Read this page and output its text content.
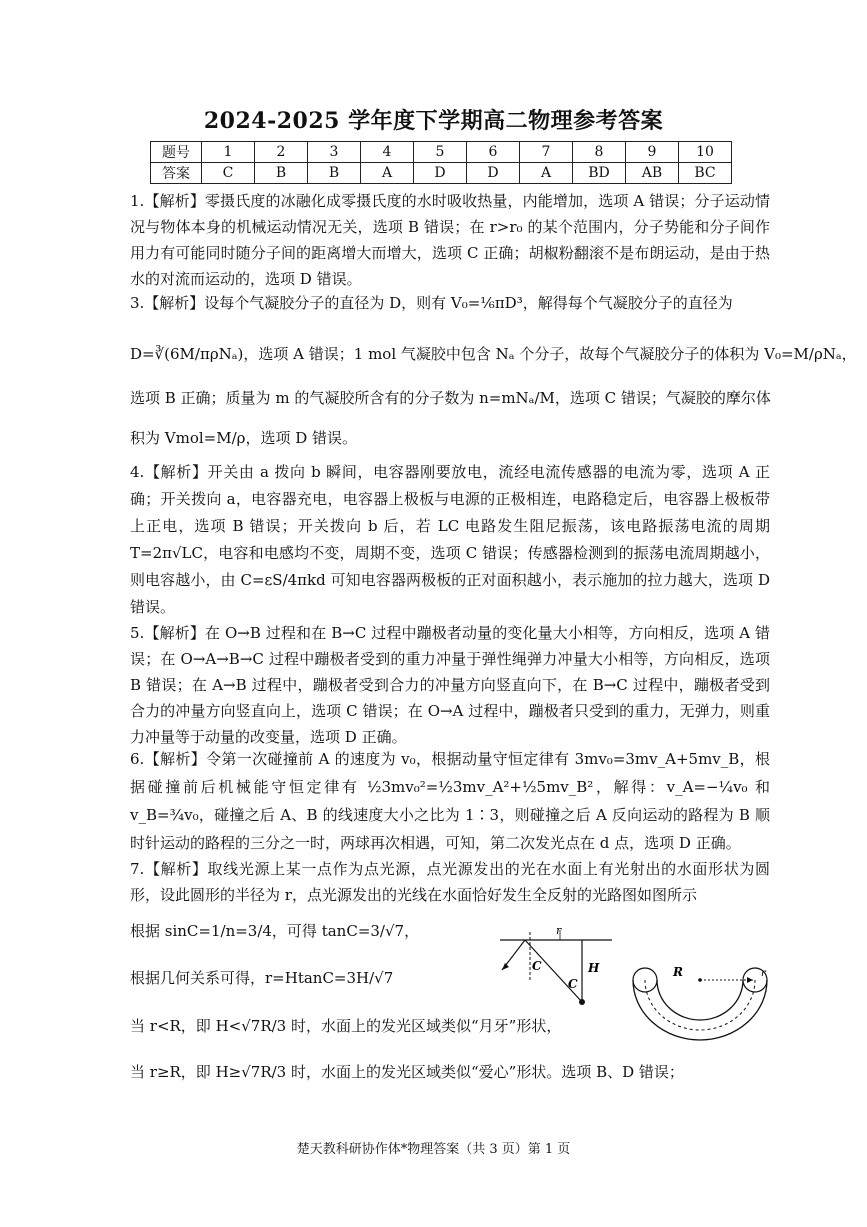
2024-2025 学年度下学期高二物理参考答案
题号	1	2	3	4	5	6	7	8	9	10
答案	C	B	B	A	D	D	A	BD	AB	BC
1.【解析】零摄氏度的冰融化成零摄氏度的水时吸收热量，内能增加，选项 A 错误；分子运动情况与物体本身的机械运动情况无关，选项 B 错误；在 r>r₀ 的某个范围内，分子势能和分子间作用力有可能同时随分子间的距离增大而增大，选项 C 正确；胡椒粉翻滚不是布朗运动，是由于热水的对流而运动的，选项 D 错误。
3.【解析】设每个气凝胶分子的直径为 D，则有 V₀=⅙πD³，解得每个气凝胶分子的直径为
D=∛(6M/πρNₐ)，选项 A 错误；1 mol 气凝胶中包含 Nₐ 个分子，故每个气凝胶分子的体积为 V₀=M/ρNₐ，
选项 B 正确；质量为 m 的气凝胶所含有的分子数为 n=mNₐ/M，选项 C 错误；气凝胶的摩尔体
积为 Vmol=M/ρ，选项 D 错误。
4.【解析】开关由 a 拨向 b 瞬间，电容器刚要放电，流经电流传感器的电流为零，选项 A 正确；开关拨向 a，电容器充电，电容器上极板与电源的正极相连，电路稳定后，电容器上极板带上正电，选项 B 错误；开关拨向 b 后，若 LC 电路发生阻尼振荡，该电路振荡电流的周期 T=2π√LC，电容和电感均不变，周期不变，选项 C 错误；传感器检测到的振荡电流周期越小，则电容越小，由 C=εS/4πkd 可知电容器两极板的正对面积越小，表示施加的拉力越大，选项 D 错误。
5.【解析】在 O→B 过程和在 B→C 过程中蹦极者动量的变化量大小相等，方向相反，选项 A 错误；在 O→A→B→C 过程中蹦极者受到的重力冲量于弹性绳弹力冲量大小相等，方向相反，选项 B 错误；在 A→B 过程中，蹦极者受到合力的冲量方向竖直向下，在 B→C 过程中，蹦极者受到合力的冲量方向竖直向上，选项 C 错误；在 O→A 过程中，蹦极者只受到的重力，无弹力，则重力冲量等于动量的改变量，选项 D 正确。
6.【解析】令第一次碰撞前 A 的速度为 v₀，根据动量守恒定律有 3mv₀=3mv_A+5mv_B，根据碰撞前后机械能守恒定律有 ½3mv₀²=½3mv_A²+½5mv_B²，解得：v_A=−¼v₀ 和 v_B=¾v₀，碰撞之后 A、B 的线速度大小之比为 1∶3，则碰撞之后 A 反向运动的路程为 B 顺时针运动的路程的三分之一时，两球再次相遇，可知，第二次发光点在 d 点，选项 D 正确。
7.【解析】取线光源上某一点作为点光源，点光源发出的光在水面上有光射出的水面形状为圆形，设此圆形的半径为 r，点光源发出的光线在水面恰好发生全反射的光路图如图所示
根据 sinC=1/n=3/4，可得 tanC=3/√7，
根据几何关系可得，r=HtanC=3H/√7
当 r<R，即 H<√7R/3 时，水面上的发光区域类似“月牙”形状，
当 r≥R，即 H≥√7R/3 时，水面上的发光区域类似“爱心”形状。选项 B、D 错误；
r
C
C
H	R	r
楚天教科研协作体*物理答案（共 3 页）第 1 页
